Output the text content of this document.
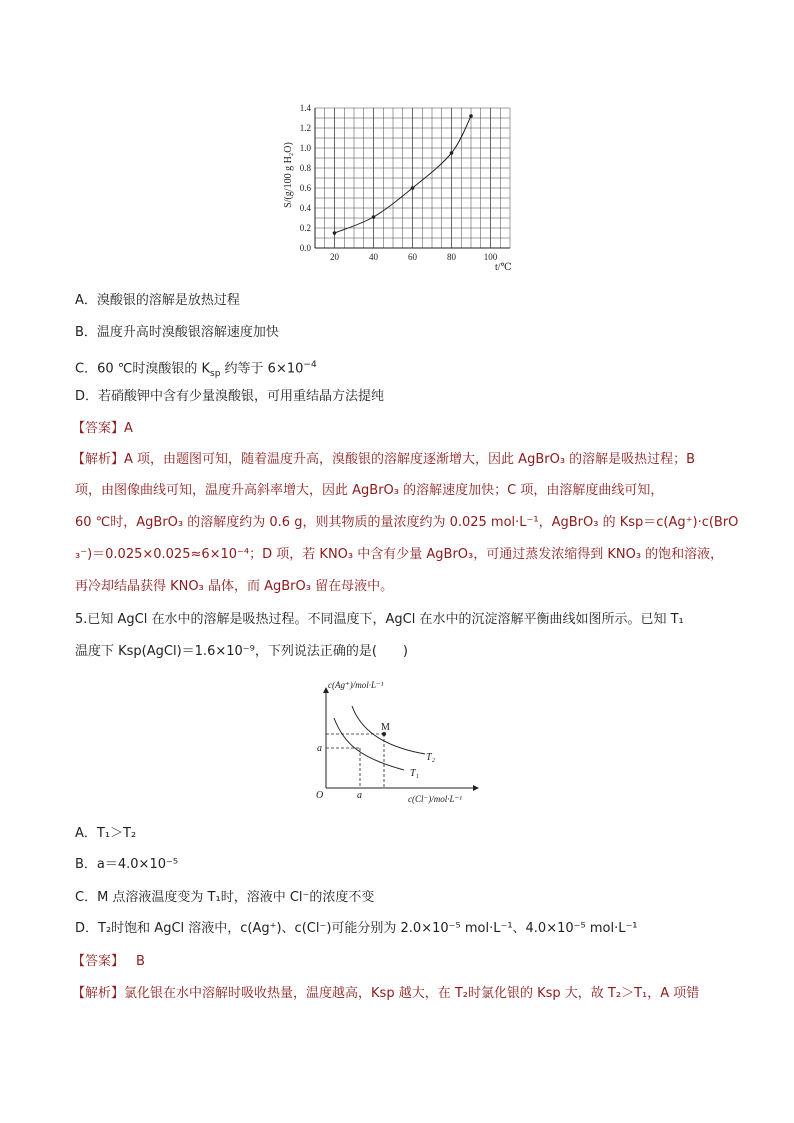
20	40	60	80	100
0.0
0.2
0.4
0.6
0.8
1.0
1.2
1.4
S/(g/100 g H₂O)
t/℃
A．溴酸银的溶解是放热过程
B．温度升高时溴酸银溶解速度加快
C．60 ℃时溴酸银的 $K_{sp}$ 约等于 $6\times 10^{-4}$
D．若硝酸钾中含有少量溴酸银，可用重结晶方法提纯
【答案】A
【解析】A 项，由题图可知，随着温度升高，溴酸银的溶解度逐渐增大，因此 AgBrO₃ 的溶解是吸热过程；B
项，由图像曲线可知，温度升高斜率增大，因此 AgBrO₃ 的溶解速度加快；C 项，由溶解度曲线可知，
60 ℃时，AgBrO₃ 的溶解度约为 0.6 g，则其物质的量浓度约为 0.025 mol·L⁻¹，AgBrO₃ 的 Ksp＝c(Ag⁺)·c(BrO
₃⁻)＝0.025×0.025≈6×10⁻⁴；D 项，若 KNO₃ 中含有少量 AgBrO₃，可通过蒸发浓缩得到 KNO₃ 的饱和溶液，
再冷却结晶获得 KNO₃ 晶体，而 AgBrO₃ 留在母液中。
5.已知 AgCl 在水中的溶解是吸热过程。不同温度下，AgCl 在水中的沉淀溶解平衡曲线如图所示。已知 T₁
温度下 Ksp(AgCl)＝1.6×10⁻⁹，下列说法正确的是(　　)
c(Ag⁺)/mol·L⁻¹
c(Cl⁻)/mol·L⁻¹
O
T₂
T₁
M
a
a
A．T₁＞T₂
B．a＝4.0×10⁻⁵
C．M 点溶液温度变为 T₁时，溶液中 Cl⁻的浓度不变
D．T₂时饱和 AgCl 溶液中，c(Ag⁺)、c(Cl⁻)可能分别为 2.0×10⁻⁵ mol·L⁻¹、4.0×10⁻⁵ mol·L⁻¹
【答案】 B
【解析】氯化银在水中溶解时吸收热量，温度越高，Ksp 越大，在 T₂时氯化银的 Ksp 大，故 T₂＞T₁，A 项错
